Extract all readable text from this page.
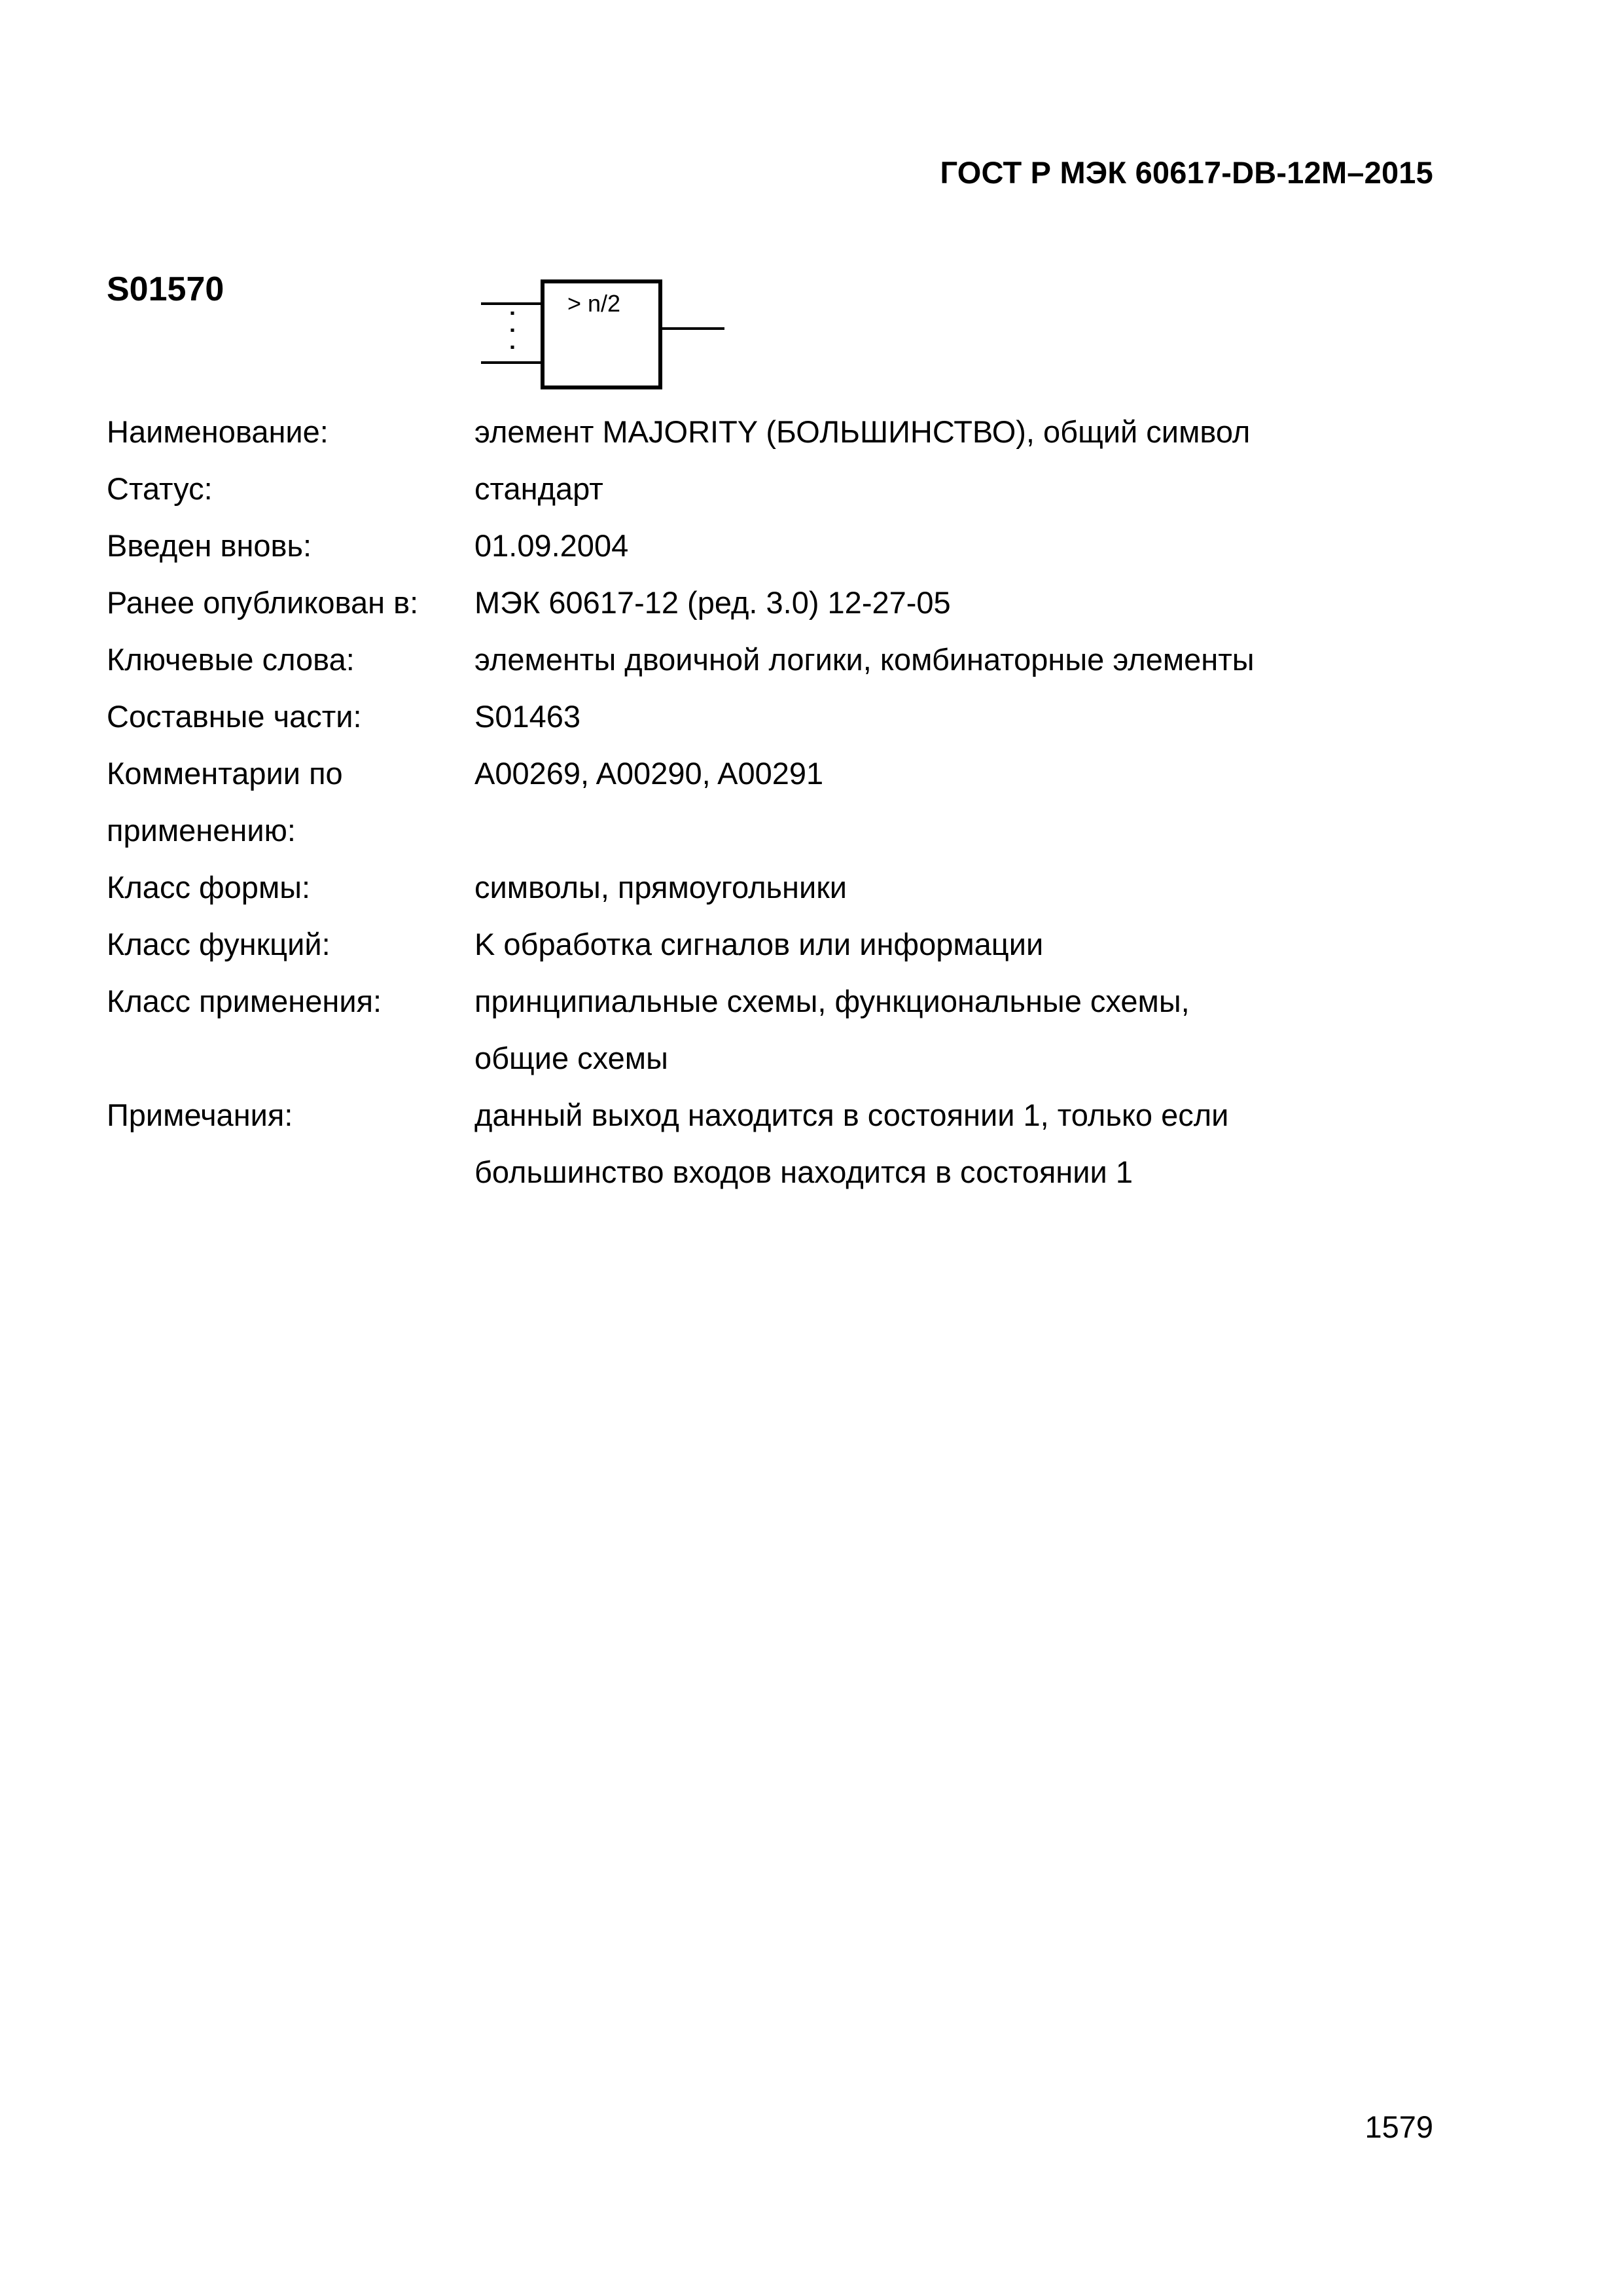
ГОСТ Р МЭК 60617-DB-12M–2015
S01570	> n/2
Наименование:	элемент MAJORITY (БОЛЬШИНСТВО), общий символ
Статус:	стандарт
Введен вновь:	01.09.2004
Ранее опубликован в:	МЭК 60617-12 (ред. 3.0) 12-27-05
Ключевые слова:	элементы двоичной логики, комбинаторные элементы
Составные части:	S01463
Комментарии по
применению:
A00269, A00290, A00291
Класс формы:	символы, прямоугольники
Класс функций:	K обработка сигналов или информации
Класс применения:	принципиальные схемы, функциональные схемы,
общие схемы
Примечания:	данный выход находится в состоянии 1, только если
большинство входов находится в состоянии 1
1579
